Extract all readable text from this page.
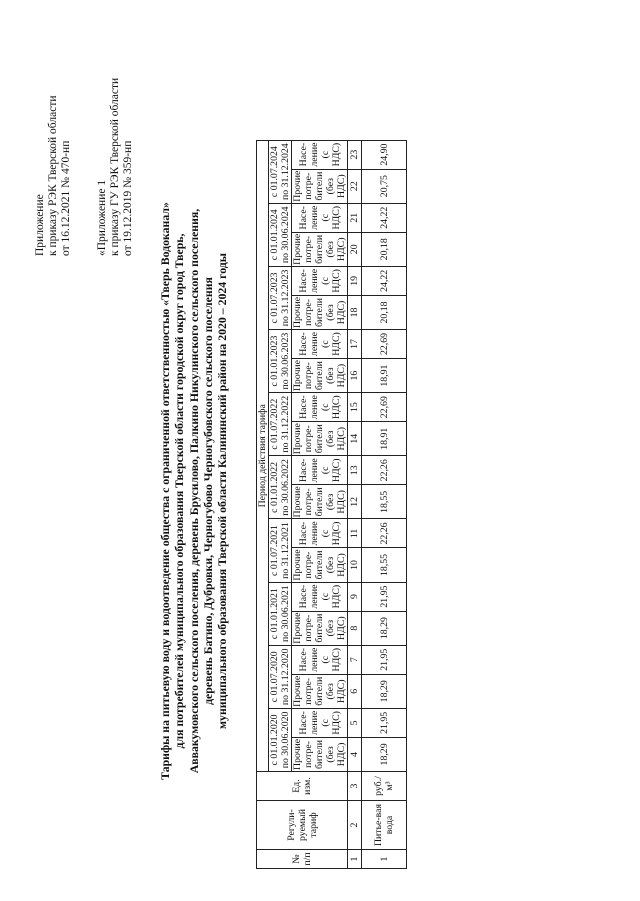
Приложение к приказу РЭК Тверской области от 16.12.2021 № 470-нп «Приложение 1 к приказу ГУ РЭК Тверской области от 19.12.2019 № 359-нп
Тарифы на питьевую воду и водоотведение общества с ограниченной ответственностью «Тверь Водоканал» для потребителей муниципального образования Тверской области городской округ город Тверь, Аввакумовского сельского поселения, деревень Брусилово, Палкино Никулинского сельского поселения, деревень Батино, Дубровки, Черногубово Черногубовского сельского поселения муниципального образования Тверской области Калининский район на 2020 – 2024 годы
№ п/п	Регули-руемый тариф	Ед. изм.	Период действия тарифа																			
			с 01.01.2020 по 30.06.2020		с 01.07.2020 по 31.12.2020		с 01.01.2021 по 30.06.2021		с 01.07.2021 по 31.12.2021		с 01.01.2022 по 30.06.2022		с 01.07.2022 по 31.12.2022		с 01.01.2023 по 30.06.2023		с 01.07.2023 по 31.12.2023		с 01.01.2024 по 30.06.2024		с 01.07.2024 по 31.12.2024	
			Прочие потре-бители (без НДС)	Насе-ление (с НДС)	Прочие потре-бители (без НДС)	Насе-ление (с НДС)	Прочие потре-бители (без НДС)	Насе-ление (с НДС)	Прочие потре-бители (без НДС)	Насе-ление (с НДС)	Прочие потре-бители (без НДС)	Насе-ление (с НДС)	Прочие потре-бители (без НДС)	Насе-ление (с НДС)	Прочие потре-бители (без НДС)	Насе-ление (с НДС)	Прочие потре-бители (без НДС)	Насе-ление (с НДС)	Прочие потре-бители (без НДС)	Насе-ление (с НДС)	Прочие потре-бители (без НДС)	Насе-ление (с НДС)
1	2	3	4	5	6	7	8	9	10	11	12	13	14	15	16	17	18	19	20	21	22	23
1	Питье-вая вода	руб./м³	18,29	21,95	18,29	21,95	18,29	21,95	18,55	22,26	18,55	22,26	18,91	22,69	18,91	22,69	20,18	24,22	20,18	24,22	20,75	24,90
